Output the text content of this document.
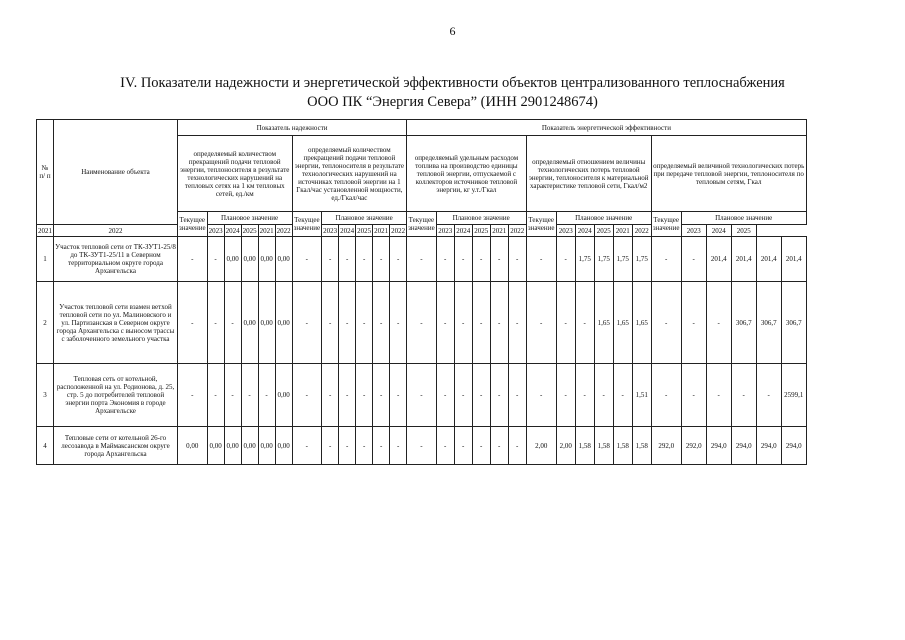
6
IV. Показатели надежности и энергетической эффективности объектов централизованного теплоснабжения
ООО ПК “Энергия Севера” (ИНН 2901248674)
№ п/ п	Наименование объекта	Показатель надежности												Показатель энергетической эффективности																	
		определяемый количеством прекращений подачи тепловой энергии, теплоносителя в результате технологических нарушений на тепловых сетях на 1 км тепловых сетей, ед./км						определяемый количеством прекращений подачи тепловой энергии, теплоносителя в результате технологических нарушений на источниках тепловой энергии на 1 Гкал/час установленной мощности, ед./Гкал/час						определяемый удельным расходом топлива на производство единицы тепловой энергии, отпускаемой с коллекторов источников тепловой энергии, кг у.т./Гкал						определяемый отношением величины технологических потерь тепловой энергии, теплоносителя к материальной характеристике тепловой сети, Гкал/м2						определяемый величиной технологических потерь при передаче тепловой энергии, теплоносителя по тепловым сетям, Гкал					
		Текущее значение	Плановое значение					Текущее значение	Плановое значение					Текущее значение	Плановое значение					Текущее значение	Плановое значение					Текущее значение	Плановое значение				
2021	2022		2023	2024	2025	2021	2022		2023	2024	2025	2021	2022		2023	2024	2025	2021	2022		2023	2024	2025	2021	2022		2023	2024	2025		
1	Участок тепловой сети от ТК-ЗУТ1-25/8 до ТК-ЗУТ1-25/11 в Северном территориальном округе города Архангельска	-	-	0,00	0,00	0,00	0,00	-	-	-	-	-	-	-	-	-	-	-	-	-	-	1,75	1,75	1,75	1,75	-	-	201,4	201,4	201,4	201,4
2	Участок тепловой сети взамен ветхой тепловой сети по ул. Малиновского и ул. Партизанская в Северном округе города Архангельска с выносом трассы с заболоченного земельного участка	-	-	-	0,00	0,00	0,00	-	-	-	-	-	-	-	-	-	-	-	-	-	-	-	1,65	1,65	1,65	-	-	-	306,7	306,7	306,7
3	Тепловая сеть от котельной, расположенной на ул. Родионова, д. 25, стр. 5 до потребителей тепловой энергии порта Экономия в городе Архангельске	-	-	-	-	-	0,00	-	-	-	-	-	-	-	-	-	-	-	-	-	-	-	-	-	1,51	-	-	-	-	-	2599,1
4	Тепловые сети от котельной 26-го лесозавода в Маймаксанском округе города Архангельска	0,00	0,00	0,00	0,00	0,00	0,00	-	-	-	-	-	-	-	-	-	-	-	-	2,00	2,00	1,58	1,58	1,58	1,58	292,0	292,0	294,0	294,0	294,0	294,0
